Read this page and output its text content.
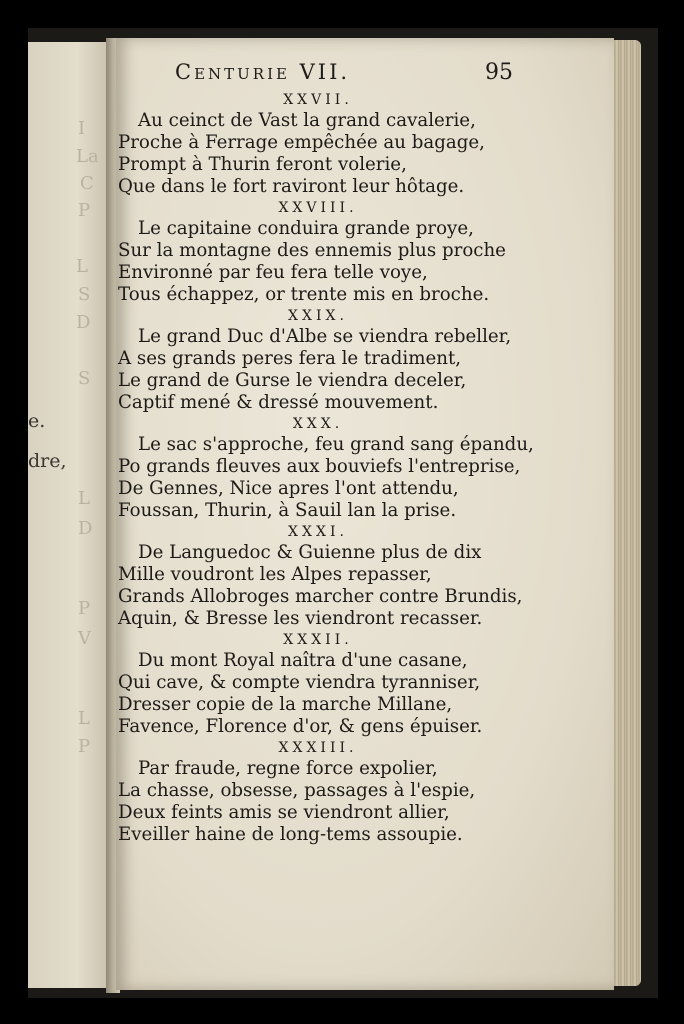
I
La
C
P
L
S
D
S
e.
dre,
L
D
P
V
L
P
Centurie VII.	95
XXVII.
Au ceinct de Vast la grand cavalerie,
Proche à Ferrage empêchée au bagage,
Prompt à Thurin feront volerie,
Que dans le fort raviront leur hôtage.
XXVIII.
Le capitaine conduira grande proye,
Sur la montagne des ennemis plus proche
Environné par feu fera telle voye,
Tous échappez, or trente mis en broche.
XXIX.
Le grand Duc d'Albe se viendra rebeller,
A ses grands peres fera le tradiment,
Le grand de Gurse le viendra deceler,
Captif mené & dressé mouvement.
XXX.
Le sac s'approche, feu grand sang épandu,
Po grands fleuves aux bouviefs l'entreprise,
De Gennes, Nice apres l'ont attendu,
Foussan, Thurin, à Sauil lan la prise.
XXXI.
De Languedoc & Guienne plus de dix
Mille voudront les Alpes repasser,
Grands Allobroges marcher contre Brundis,
Aquin, & Bresse les viendront recasser.
XXXII.
Du mont Royal naîtra d'une casane,
Qui cave, & compte viendra tyranniser,
Dresser copie de la marche Millane,
Favence, Florence d'or, & gens épuiser.
XXXIII.
Par fraude, regne force expolier,
La chasse, obsesse, passages à l'espie,
Deux feints amis se viendront allier,
Eveiller haine de long-tems assoupie.
